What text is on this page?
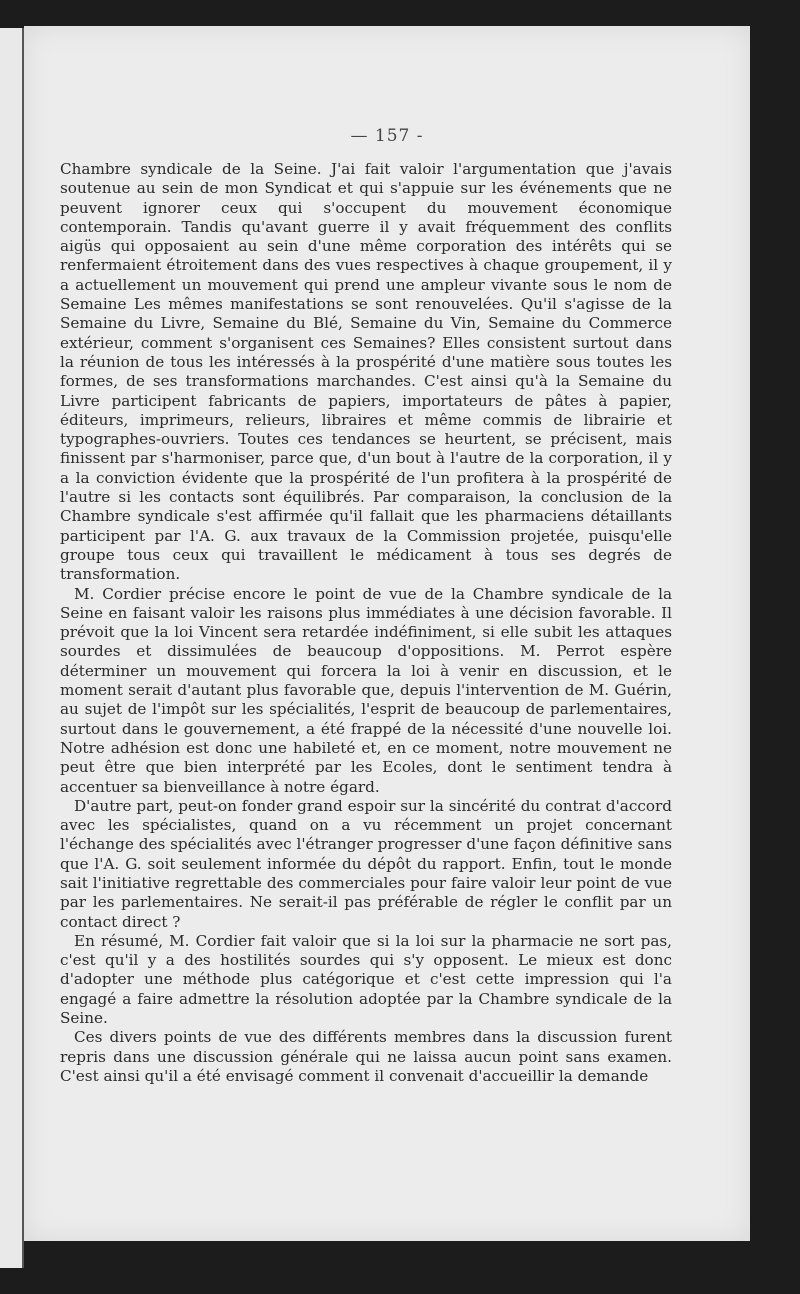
— 157 -

Chambre syndicale de la Seine. J'ai fait valoir l'argumentation que j'avais soutenue au sein de mon Syndicat et qui s'appuie sur les événements que ne peuvent ignorer ceux qui s'occupent du mouvement économique contemporain. Tandis qu'avant guerre il y avait fréquemment des conflits aigüs qui opposaient au sein d'une même corporation des intérêts qui se renfermaient étroitement dans des vues respectives à chaque groupement, il y a actuellement un mouvement qui prend une ampleur vivante sous le nom de Semaine Les mêmes manifestations se sont renouvelées. Qu'il s'agisse de la Semaine du Livre, Semaine du Blé, Semaine du Vin, Semaine du Commerce extérieur, comment s'organisent ces Semaines? Elles consistent surtout dans la réunion de tous les intéressés à la prospérité d'une matière sous toutes les formes, de ses transformations marchandes. C'est ainsi qu'à la Semaine du Livre participent fabricants de papiers, importateurs de pâtes à papier, éditeurs, imprimeurs, relieurs, libraires et même commis de librairie et typographes-ouvriers. Toutes ces tendances se heurtent, se précisent, mais finissent par s'harmoniser, parce que, d'un bout à l'autre de la corporation, il y a la conviction évidente que la prospérité de l'un profitera à la prospérité de l'autre si les contacts sont équilibrés. Par comparaison, la conclusion de la Chambre syndicale s'est affirmée qu'il fallait que les pharmaciens détaillants participent par l'A. G. aux travaux de la Commission projetée, puisqu'elle groupe tous ceux qui travaillent le médicament à tous ses degrés de transformation.

M. Cordier précise encore le point de vue de la Chambre syndicale de la Seine en faisant valoir les raisons plus immédiates à une décision favorable. Il prévoit que la loi Vincent sera retardée indéfiniment, si elle subit les attaques sourdes et dissimulées de beaucoup d'oppositions. M. Perrot espère déterminer un mouvement qui forcera la loi à venir en discussion, et le moment serait d'autant plus favorable que, depuis l'intervention de M. Guérin, au sujet de l'impôt sur les spécialités, l'esprit de beaucoup de parlementaires, surtout dans le gouvernement, a été frappé de la nécessité d'une nouvelle loi. Notre adhésion est donc une habileté et, en ce moment, notre mouvement ne peut être que bien interprété par les Ecoles, dont le sentiment tendra à accentuer sa bienveillance à notre égard.

D'autre part, peut-on fonder grand espoir sur la sincérité du contrat d'accord avec les spécialistes, quand on a vu récemment un projet concernant l'échange des spécialités avec l'étranger progresser d'une façon définitive sans que l'A. G. soit seulement informée du dépôt du rapport. Enfin, tout le monde sait l'initiative regrettable des commerciales pour faire valoir leur point de vue par les parlementaires. Ne serait-il pas préférable de régler le conflit par un contact direct ?

En résumé, M. Cordier fait valoir que si la loi sur la pharmacie ne sort pas, c'est qu'il y a des hostilités sourdes qui s'y opposent. Le mieux est donc d'adopter une méthode plus catégorique et c'est cette impression qui l'a engagé a faire admettre la résolution adoptée par la Chambre syndicale de la Seine.

Ces divers points de vue des différents membres dans la discussion furent repris dans une discussion générale qui ne laissa aucun point sans examen. C'est ainsi qu'il a été envisagé comment il convenait d'accueillir la demande
